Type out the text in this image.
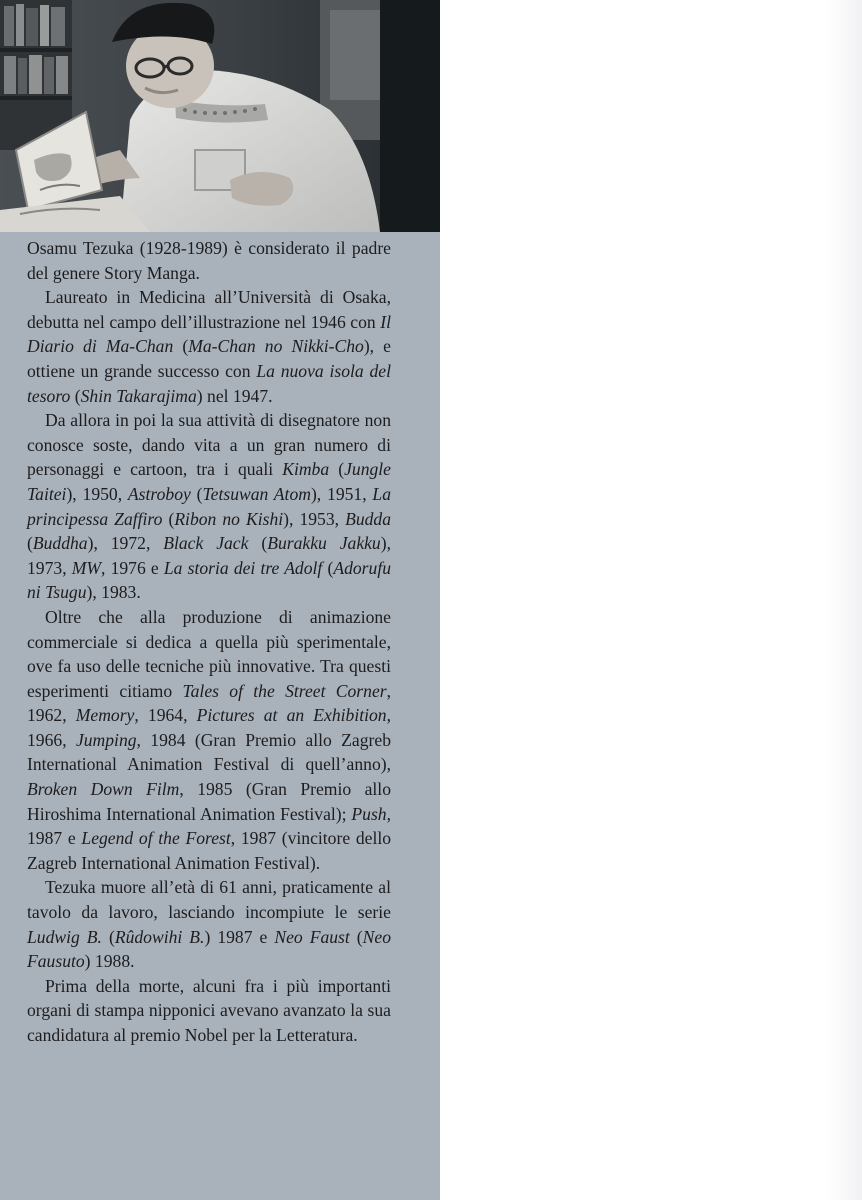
Osamu Tezuka (1928-1989) è considerato il padre del genere Story Manga.

Laureato in Medicina all’Università di Osaka, debutta nel campo dell’illustrazione nel 1946 con Il Diario di Ma-Chan (Ma-Chan no Nikki-Cho), e ottiene un grande successo con La nuova isola del tesoro (Shin Takarajima) nel 1947.

Da allora in poi la sua attività di disegnatore non conosce soste, dando vita a un gran numero di personaggi e cartoon, tra i quali Kimba (Jungle Taitei), 1950, Astroboy (Tetsuwan Atom), 1951, La principessa Zaffiro (Ribon no Kishi), 1953, Budda (Buddha), 1972, Black Jack (Burakku Jakku), 1973, MW, 1976 e La storia dei tre Adolf (Adorufu ni Tsugu), 1983.

Oltre che alla produzione di animazione commerciale si dedica a quella più sperimentale, ove fa uso delle tecniche più innovative. Tra questi esperimenti citiamo Tales of the Street Corner, 1962, Memory, 1964, Pictures at an Exhibition, 1966, Jumping, 1984 (Gran Premio allo Zagreb International Animation Festival di quell’anno), Broken Down Film, 1985 (Gran Premio allo Hiroshima International Animation Festival); Push, 1987 e Legend of the Forest, 1987 (vincitore dello Zagreb International Animation Festival).

Tezuka muore all’età di 61 anni, praticamente al tavolo da lavoro, lasciando incompiute le serie Ludwig B. (Rûdowihi B.) 1987 e Neo Faust (Neo Fausuto) 1988.

Prima della morte, alcuni fra i più importanti organi di stampa nipponici avevano avanzato la sua candidatura al premio Nobel per la Letteratura.
